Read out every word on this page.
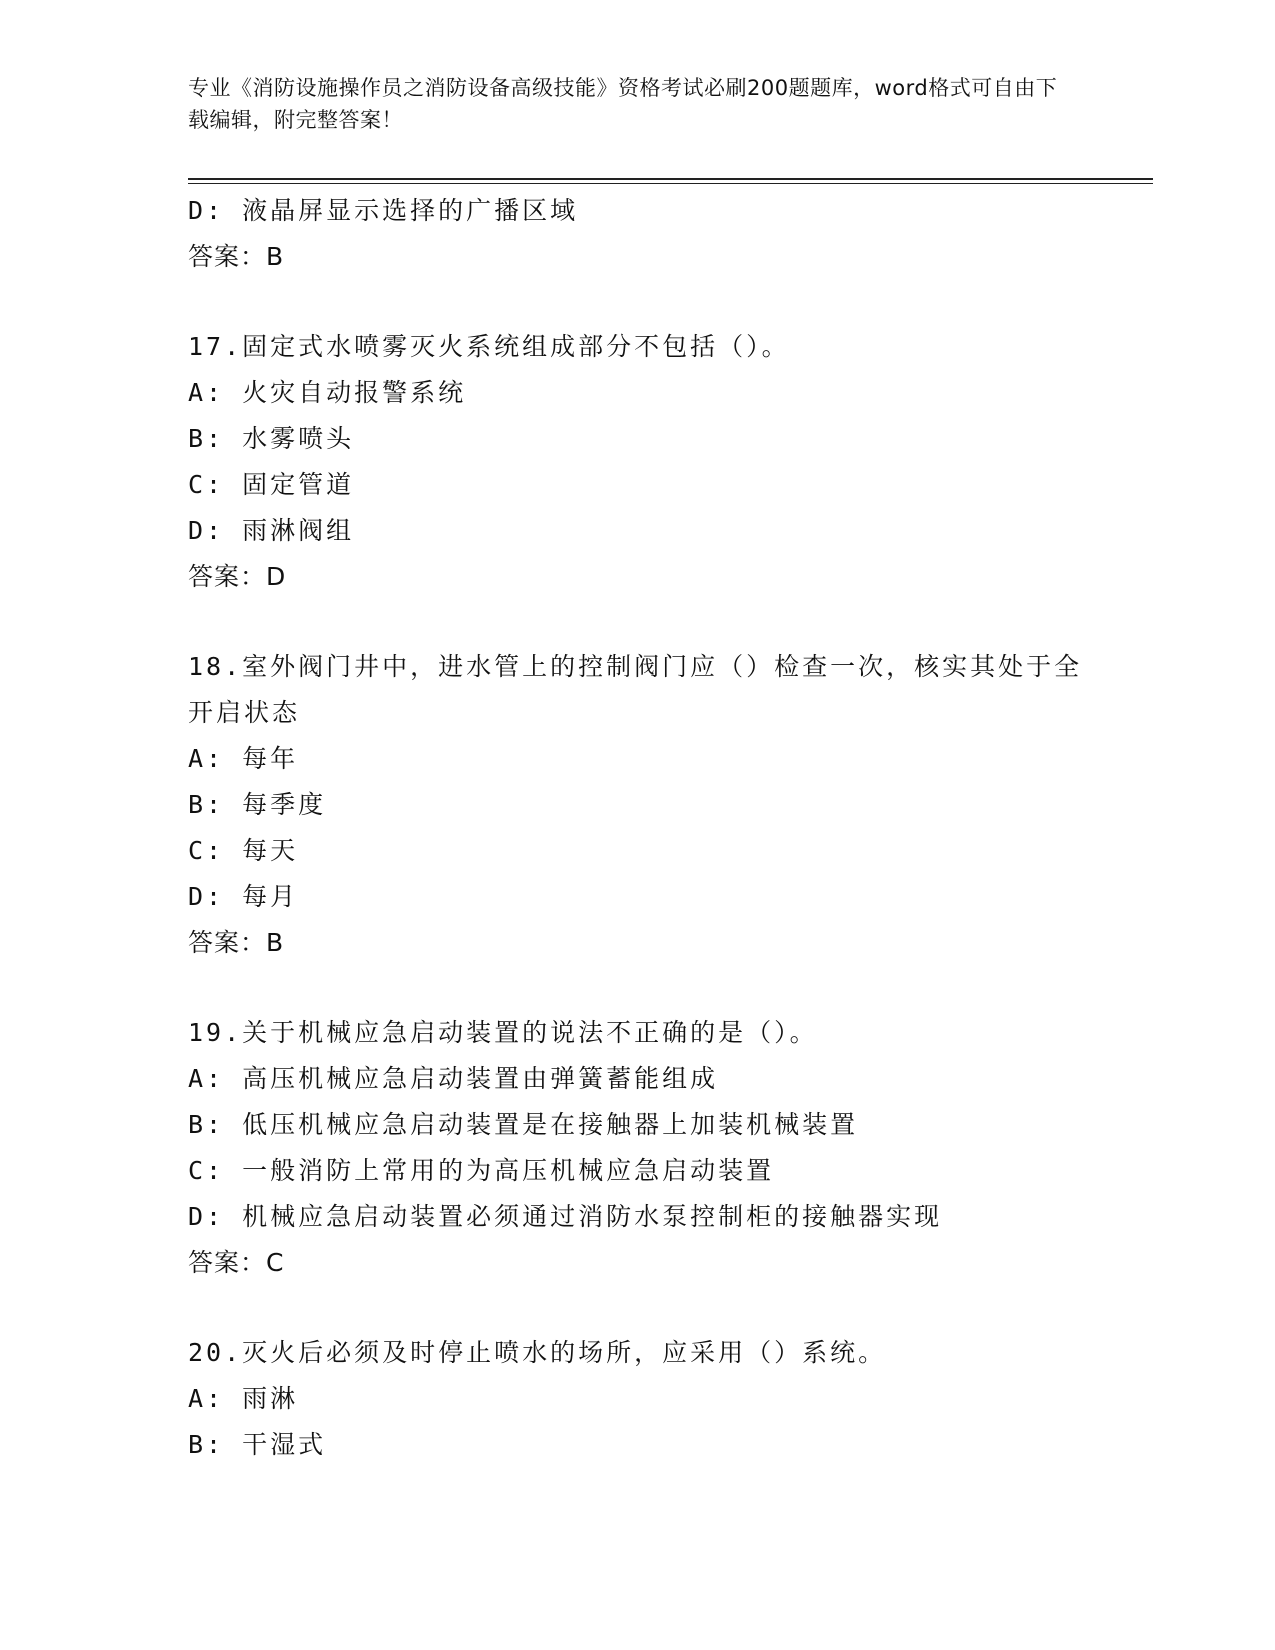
专业《消防设施操作员之消防设备高级技能》资格考试必刷200题题库，word格式可自由下载编辑，附完整答案！
D: 液晶屏显示选择的广播区域
答案：B
17.固定式水喷雾灭火系统组成部分不包括（）。
A: 火灾自动报警系统
B: 水雾喷头
C: 固定管道
D: 雨淋阀组
答案：D
18.室外阀门井中，进水管上的控制阀门应（）检查一次，核实其处于全开启状态
A: 每年
B: 每季度
C: 每天
D: 每月
答案：B
19.关于机械应急启动装置的说法不正确的是（）。
A: 高压机械应急启动装置由弹簧蓄能组成
B: 低压机械应急启动装置是在接触器上加装机械装置
C: 一般消防上常用的为高压机械应急启动装置
D: 机械应急启动装置必须通过消防水泵控制柜的接触器实现
答案：C
20.灭火后必须及时停止喷水的场所，应采用（）系统。
A: 雨淋
B: 干湿式
